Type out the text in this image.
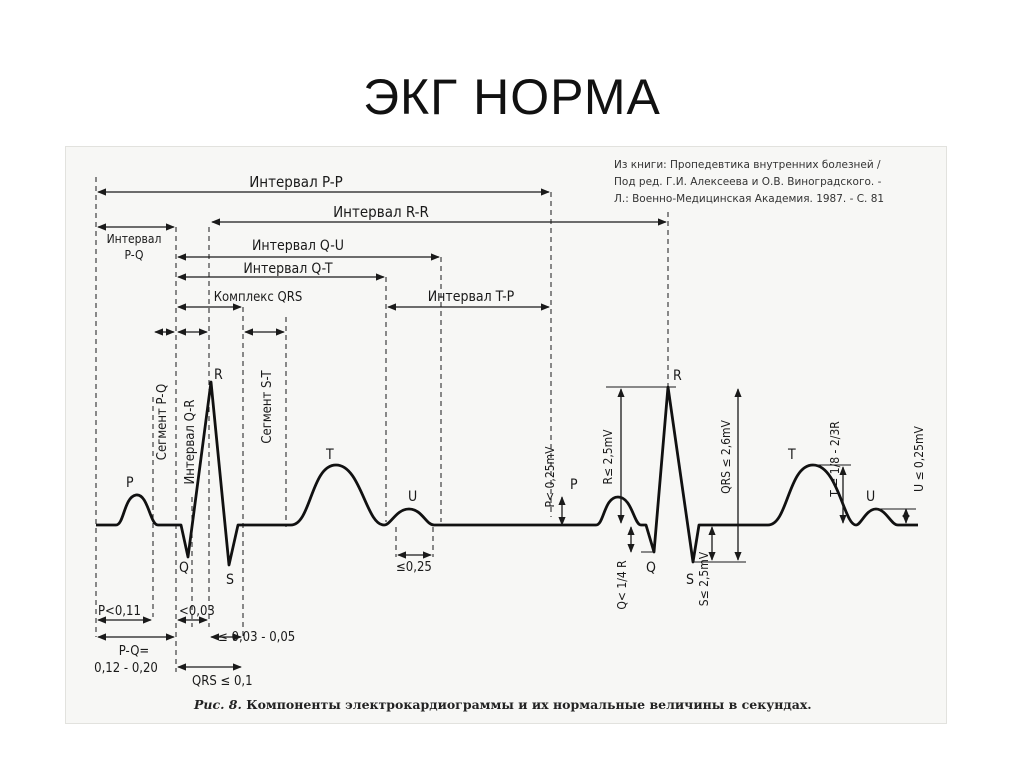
ЭКГ НОРМА
Из книги: Пропедевтика внутренних болезней /
Под ред. Г.И. Алексеева и О.В. Виноградского. -
Л.: Военно-Медицинская Академия. 1987. - С. 81
Интервал P-P
Интервал R-R
Интервал
P-Q
Интервал Q-U
Интервал Q-T
Комплекс QRS	Интервал T-P
Сегмент P-Q Интервал Q-R	Сегмент S-T
P
Q
R
S
T
U
P
Q
R
S
T
U
P<0,11	<0,03
≤ 0,03 - 0,05
P-Q=
0,12 - 0,20
QRS ≤ 0,1
≤0,25
P< 0,25mV	R≤ 2,5mV
Q< 1/4 R
QRS ≤ 2,6mV
S≤ 2,5mV
T = 1/8 - 2/3R	U ≤ 0,25mV
Рис. 8. Компоненты электрокардиограммы и их нормальные величины в секундах.
